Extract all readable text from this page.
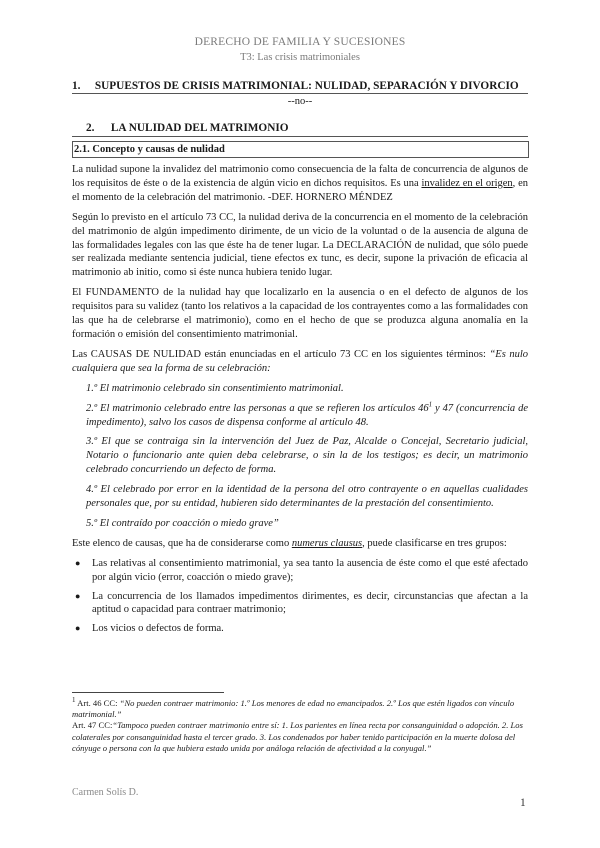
DERECHO DE FAMILIA Y SUCESIONES
T3: Las crisis matrimoniales
1. SUPUESTOS DE CRISIS MATRIMONIAL: NULIDAD, SEPARACIÓN Y DIVORCIO
--no--
2. LA NULIDAD DEL MATRIMONIO
2.1. Concepto y causas de nulidad

La nulidad supone la invalidez del matrimonio como consecuencia de la falta de concurrencia de algunos de los requisitos de éste o de la existencia de algún vicio en dichos requisitos. Es una invalidez en el origen, en el momento de la celebración del matrimonio. -DEF. HORNERO MÉNDEZ

Según lo previsto en el artículo 73 CC, la nulidad deriva de la concurrencia en el momento de la celebración del matrimonio de algún impedimento dirimente, de un vicio de la voluntad o de la ausencia de alguna de las formalidades legales con las que éste ha de tener lugar. La DECLARACIÓN de nulidad, que sólo puede ser realizada mediante sentencia judicial, tiene efectos ex tunc, es decir, supone la privación de eficacia al matrimonio ab initio, como si éste nunca hubiera tenido lugar.

El FUNDAMENTO de la nulidad hay que localizarlo en la ausencia o en el defecto de algunos de los requisitos para su validez (tanto los relativos a la capacidad de los contrayentes como a las formalidades con las que ha de celebrarse el matrimonio), como en el hecho de que se produzca alguna anomalía en la formación o emisión del consentimiento matrimonial.

Las CAUSAS DE NULIDAD están enunciadas en el artículo 73 CC en los siguientes términos: “Es nulo cualquiera que sea la forma de su celebración:

1.º El matrimonio celebrado sin consentimiento matrimonial.

2.º El matrimonio celebrado entre las personas a que se refieren los artículos $46^1$ y 47 (concurrencia de impedimento), salvo los casos de dispensa conforme al artículo 48.

3.º El que se contraiga sin la intervención del Juez de Paz, Alcalde o Concejal, Secretario judicial, Notario o funcionario ante quien deba celebrarse, o sin la de los testigos; es decir, un matrimonio celebrado concurriendo un defecto de forma.

4.º El celebrado por error en la identidad de la persona del otro contrayente o en aquellas cualidades personales que, por su entidad, hubieren sido determinantes de la prestación del consentimiento.

5.º El contraído por coacción o miedo grave”

Este elenco de causas, que ha de considerarse como numerus clausus, puede clasificarse en tres grupos:

● Las relativas al consentimiento matrimonial, ya sea tanto la ausencia de éste como el que esté afectado por algún vicio (error, coacción o miedo grave);
● La concurrencia de los llamados impedimentos dirimentes, es decir, circunstancias que afectan a la aptitud o capacidad para contraer matrimonio;
● Los vicios o defectos de forma.

$^1$ Art. 46 CC: “No pueden contraer matrimonio: 1.º Los menores de edad no emancipados. 2.º Los que estén ligados con vínculo matrimonial.”

Art. 47 CC:“Tampoco pueden contraer matrimonio entre sí: 1. Los parientes en línea recta por consanguinidad o adopción. 2. Los colaterales por consanguinidad hasta el tercer grado. 3. Los condenados por haber tenido participación en la muerte dolosa del cónyuge o persona con la que hubiera estado unida por análoga relación de afectividad a la conyugal.”

Carmen Solís D.
1
